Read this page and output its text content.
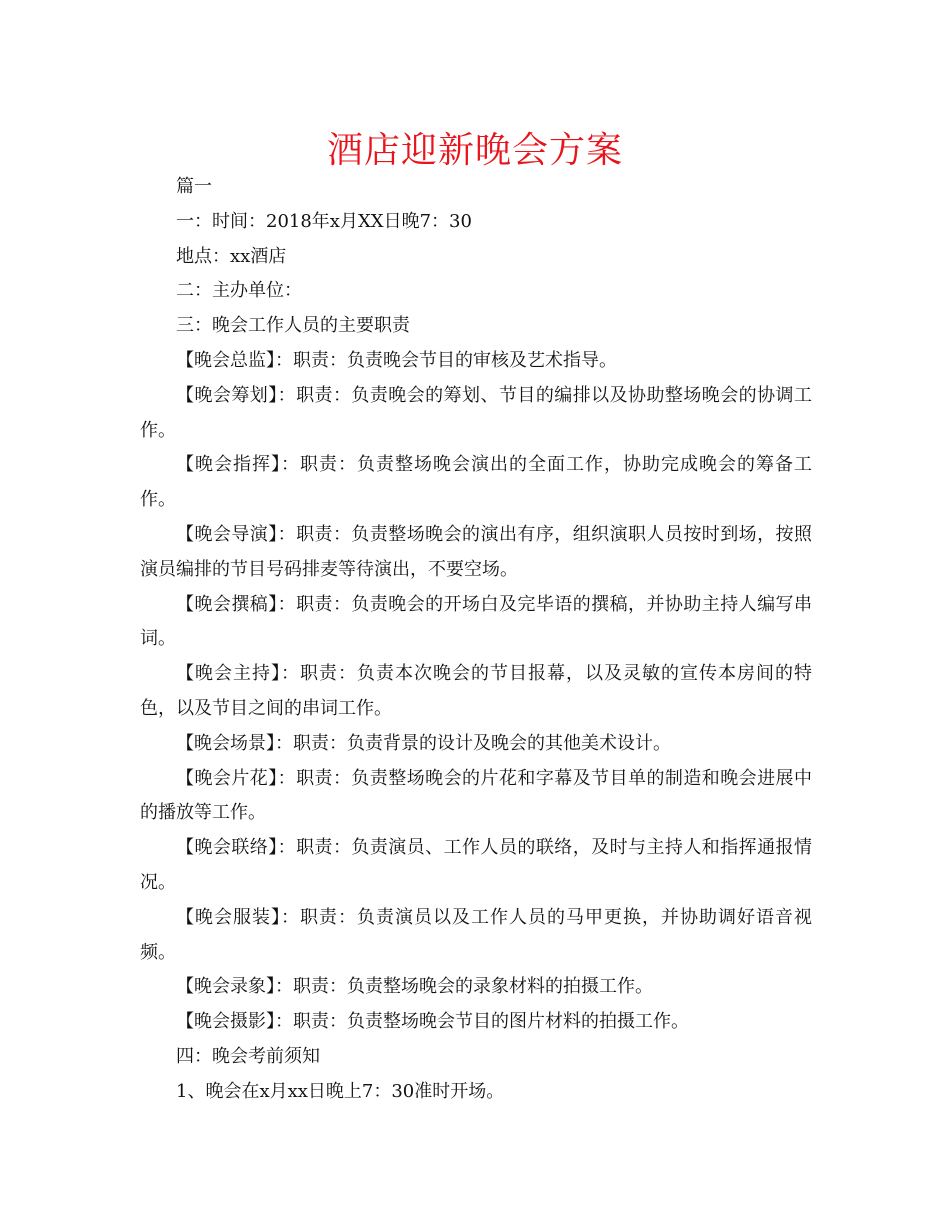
酒店迎新晚会方案

篇一

一：时间：2018年x月XX日晚7：30

地点：xx酒店

二：主办单位：

三：晚会工作人员的主要职责

【晚会总监】：职责：负责晚会节目的审核及艺术指导。

【晚会筹划】：职责：负责晚会的筹划、节目的编排以及协助整场晚会的协调工作。

【晚会指挥】：职责：负责整场晚会演出的全面工作，协助完成晚会的筹备工作。

【晚会导演】：职责：负责整场晚会的演出有序，组织演职人员按时到场，按照演员编排的节目号码排麦等待演出，不要空场。

【晚会撰稿】：职责：负责晚会的开场白及完毕语的撰稿，并协助主持人编写串词。

【晚会主持】：职责：负责本次晚会的节目报幕，以及灵敏的宣传本房间的特色，以及节目之间的串词工作。

【晚会场景】：职责：负责背景的设计及晚会的其他美术设计。

【晚会片花】：职责：负责整场晚会的片花和字幕及节目单的制造和晚会进展中的播放等工作。

【晚会联络】：职责：负责演员、工作人员的联络，及时与主持人和指挥通报情况。

【晚会服装】：职责：负责演员以及工作人员的马甲更换，并协助调好语音视频。

【晚会录象】：职责：负责整场晚会的录象材料的拍摄工作。

【晚会摄影】：职责：负责整场晚会节目的图片材料的拍摄工作。

四：晚会考前须知

1、晚会在x月xx日晚上7：30准时开场。
